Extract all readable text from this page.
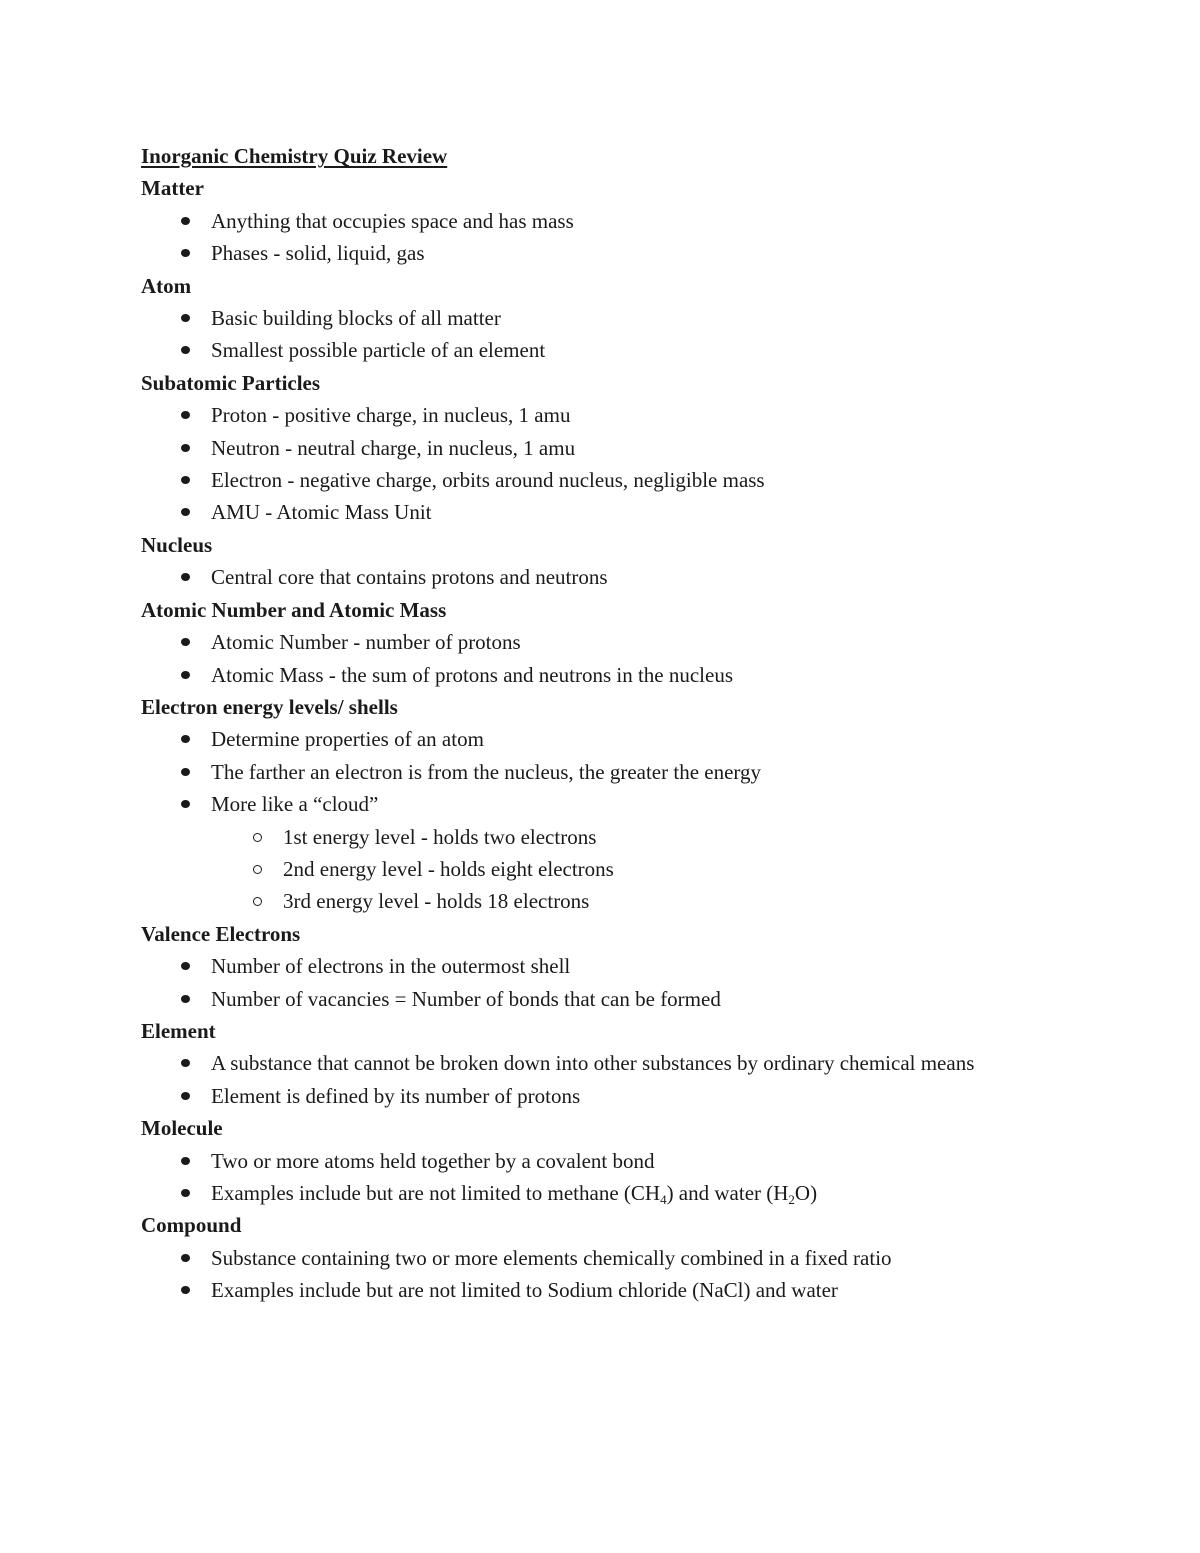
Inorganic Chemistry Quiz Review

Matter

Anything that occupies space and has mass
Phases - solid, liquid, gas

Atom

Basic building blocks of all matter
Smallest possible particle of an element

Subatomic Particles

Proton - positive charge, in nucleus, 1 amu
Neutron - neutral charge, in nucleus, 1 amu
Electron - negative charge, orbits around nucleus, negligible mass
AMU - Atomic Mass Unit

Nucleus

Central core that contains protons and neutrons

Atomic Number and Atomic Mass

Atomic Number - number of protons
Atomic Mass - the sum of protons and neutrons in the nucleus

Electron energy levels/ shells

Determine properties of an atom
The farther an electron is from the nucleus, the greater the energy
More like a “cloud”
1st energy level - holds two electrons
2nd energy level - holds eight electrons
3rd energy level - holds 18 electrons

Valence Electrons

Number of electrons in the outermost shell
Number of vacancies = Number of bonds that can be formed

Element

A substance that cannot be broken down into other substances by ordinary chemical means
Element is defined by its number of protons

Molecule

Two or more atoms held together by a covalent bond
Examples include but are not limited to methane $(CH_4)$ and water $(H_2O)$

Compound

Substance containing two or more elements chemically combined in a fixed ratio
Examples include but are not limited to Sodium chloride (NaCl) and water
